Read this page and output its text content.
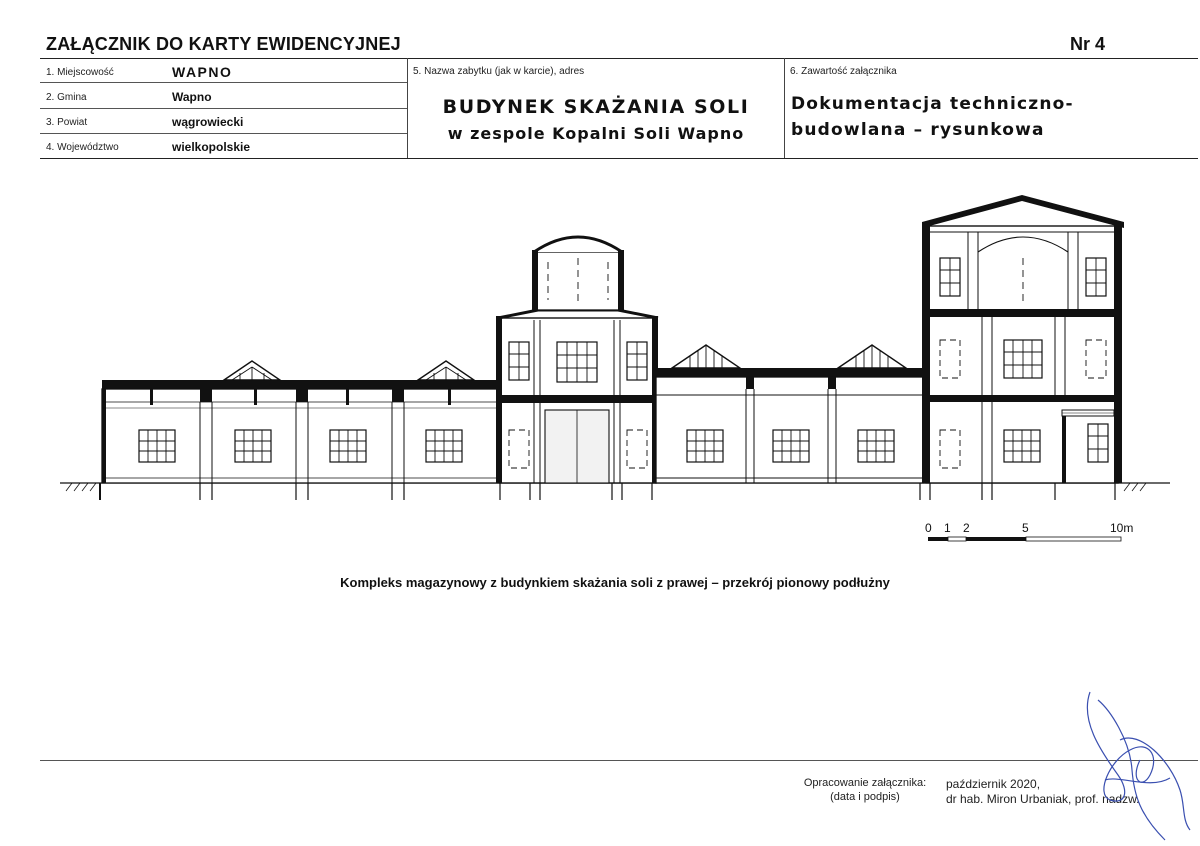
ZAŁĄCZNIK DO KARTY EWIDENCYJNEJ	Nr 4
1. Miejscowość	WAPNO
2. Gmina	Wapno
3. Powiat	wągrowiecki
4. Województwo	wielkopolskie
5. Nazwa zabytku (jak w karcie), adres
BUDYNEK SKAŻANIA SOLI
w zespole Kopalni Soli Wapno
6. Zawartość załącznika
Dokumentacja techniczno-
budowlana – rysunkowa
0 1 2	5	10m
Kompleks magazynowy z budynkiem skażania soli z prawej – przekrój pionowy podłużny
Opracowanie załącznika:
(data i podpis)
październik 2020,
dr hab. Miron Urbaniak, prof. nadzw.
